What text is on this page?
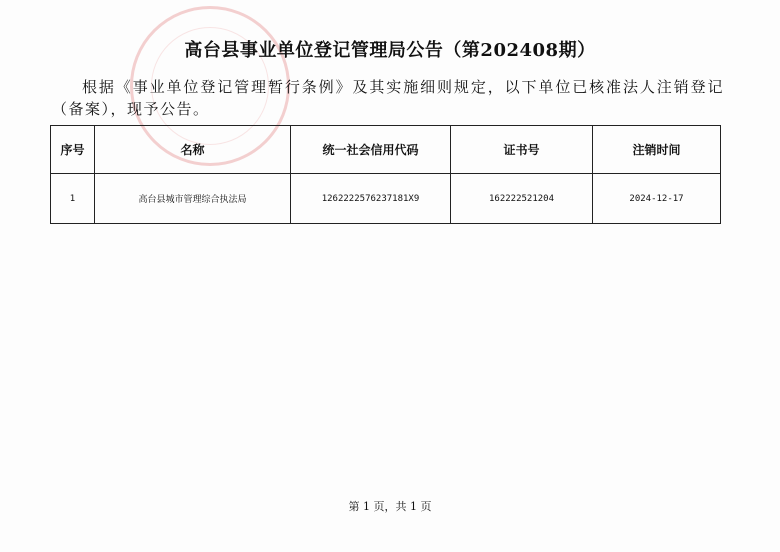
高台县事业单位登记管理局公告（第202408期）
根据《事业单位登记管理暂行条例》及其实施细则规定，以下单位已核准法人注销登记（备案），现予公告。
序号	名称	统一社会信用代码	证书号	注销时间
1	高台县城市管理综合执法局	1262222576237181X9	162222521204	2024-12-17
第 1 页，共 1 页
